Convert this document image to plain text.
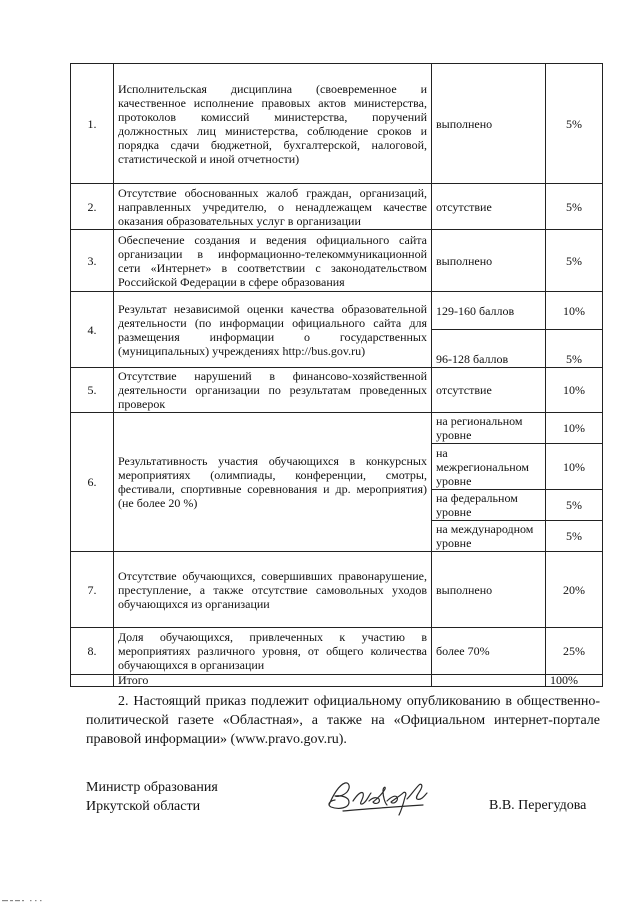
1.	Исполнительская дисциплина (своевременное и качественное исполнение правовых актов министерства, протоколов комиссий министерства, поручений должностных лиц министерства, соблюдение сроков и порядка сдачи бюджетной, бухгалтерской, налоговой, статистической и иной отчетности)	выполнено	5%
2.	Отсутствие обоснованных жалоб граждан, организаций, направленных учредителю, о ненадлежащем качестве оказания образовательных услуг в организации	отсутствие	5%
3.	Обеспечение создания и ведения официального сайта организации в информационно-телекоммуникационной сети «Интернет» в соответствии с законодательством Российской Федерации в сфере образования	выполнено	5%
4.	Результат независимой оценки качества образовательной деятельности (по информации официального сайта для размещения информации о государственных (муниципальных) учреждениях http://bus.gov.ru)	129-160 баллов	10%
		96-128 баллов	5%
5.	Отсутствие нарушений в финансово-хозяйственной деятельности организации по результатам проведенных проверок	отсутствие	10%
6.	Результативность участия обучающихся в конкурсных мероприятиях (олимпиады, конференции, смотры, фестивали, спортивные соревнования и др. мероприятия) (не более 20 %)	на региональном уровне	10%
		на межрегиональном уровне	10%
		на федеральном уровне	5%
		на международном уровне	5%
7.	Отсутствие обучающихся, совершивших правонарушение, преступление, а также отсутствие самовольных уходов обучающихся из организации	выполнено	20%
8.	Доля обучающихся, привлеченных к участию в мероприятиях различного уровня, от общего количества обучающихся в организации	более 70%	25%
	Итого		100%

2. Настоящий приказ подлежит официальному опубликованию в общественно-политической газете «Областная», а также на «Официальном интернет-портале правовой информации» (www.pravo.gov.ru).

Министр образования
Иркутской области	В.В. Перегудова
